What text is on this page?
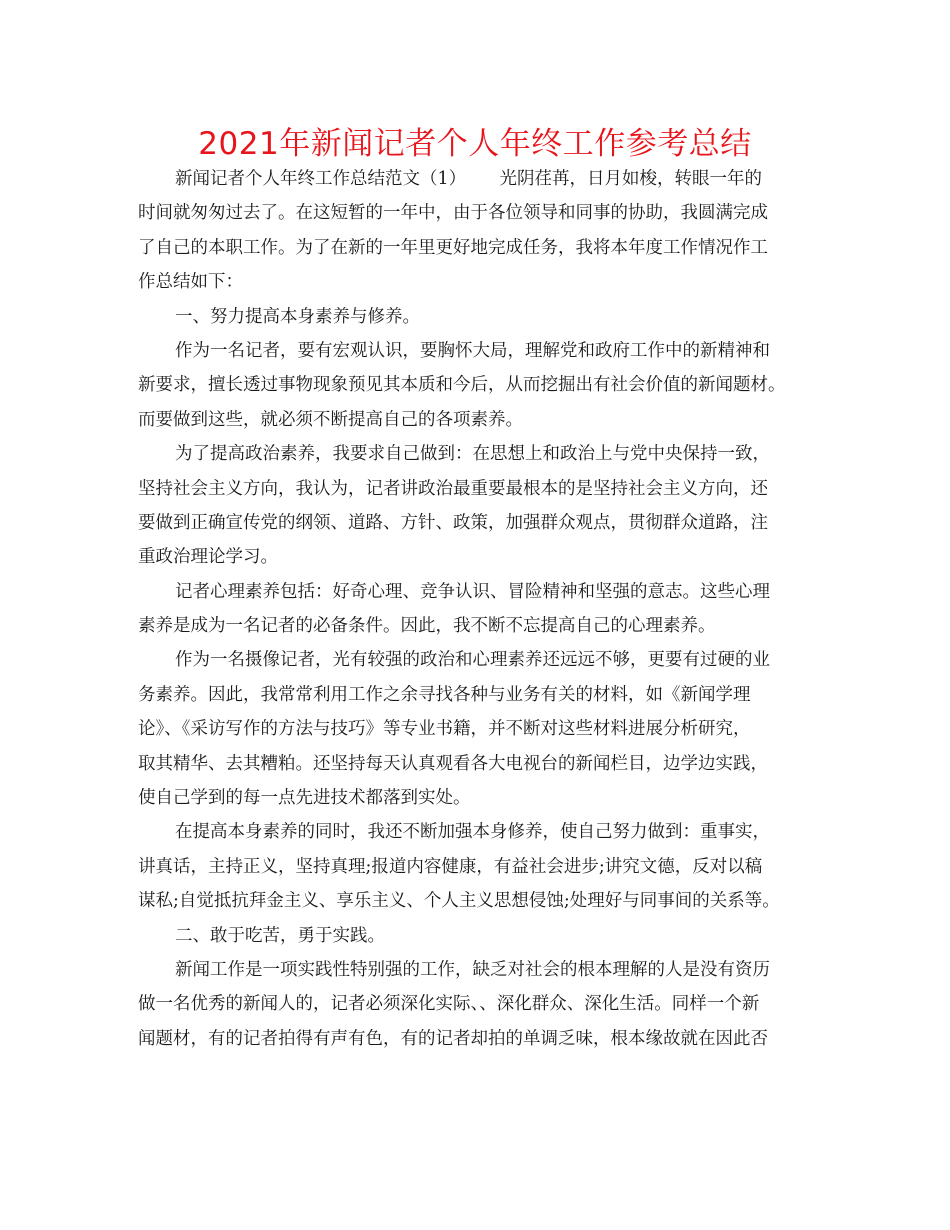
2021年新闻记者个人年终工作参考总结
新闻记者个人年终工作总结范文（1）      光阴荏苒，日月如梭，转眼一年的
时间就匆匆过去了。在这短暂的一年中，由于各位领导和同事的协助，我圆满完成
了自己的本职工作。为了在新的一年里更好地完成任务，我将本年度工作情况作工
作总结如下：
一、努力提高本身素养与修养。
作为一名记者，要有宏观认识，要胸怀大局，理解党和政府工作中的新精神和
新要求，擅长透过事物现象预见其本质和今后，从而挖掘出有社会价值的新闻题材。
而要做到这些，就必须不断提高自己的各项素养。
为了提高政治素养，我要求自己做到：在思想上和政治上与党中央保持一致，
坚持社会主义方向，我认为，记者讲政治最重要最根本的是坚持社会主义方向，还
要做到正确宣传党的纲领、道路、方针、政策，加强群众观点，贯彻群众道路，注
重政治理论学习。
记者心理素养包括：好奇心理、竞争认识、冒险精神和坚强的意志。这些心理
素养是成为一名记者的必备条件。因此，我不断不忘提高自己的心理素养。
作为一名摄像记者，光有较强的政治和心理素养还远远不够，更要有过硬的业
务素养。因此，我常常利用工作之余寻找各种与业务有关的材料，如《新闻学理
论》、《采访写作的方法与技巧》等专业书籍，并不断对这些材料进展分析研究，
取其精华、去其糟粕。还坚持每天认真观看各大电视台的新闻栏目，边学边实践，
使自己学到的每一点先进技术都落到实处。
在提高本身素养的同时，我还不断加强本身修养，使自己努力做到：重事实，
讲真话，主持正义，坚持真理;报道内容健康，有益社会进步;讲究文德，反对以稿
谋私;自觉抵抗拜金主义、享乐主义、个人主义思想侵蚀;处理好与同事间的关系等。
二、敢于吃苦，勇于实践。
新闻工作是一项实践性特别强的工作，缺乏对社会的根本理解的人是没有资历
做一名优秀的新闻人的，记者必须深化实际、、深化群众、深化生活。同样一个新
闻题材，有的记者拍得有声有色，有的记者却拍的单调乏味，根本缘故就在因此否
